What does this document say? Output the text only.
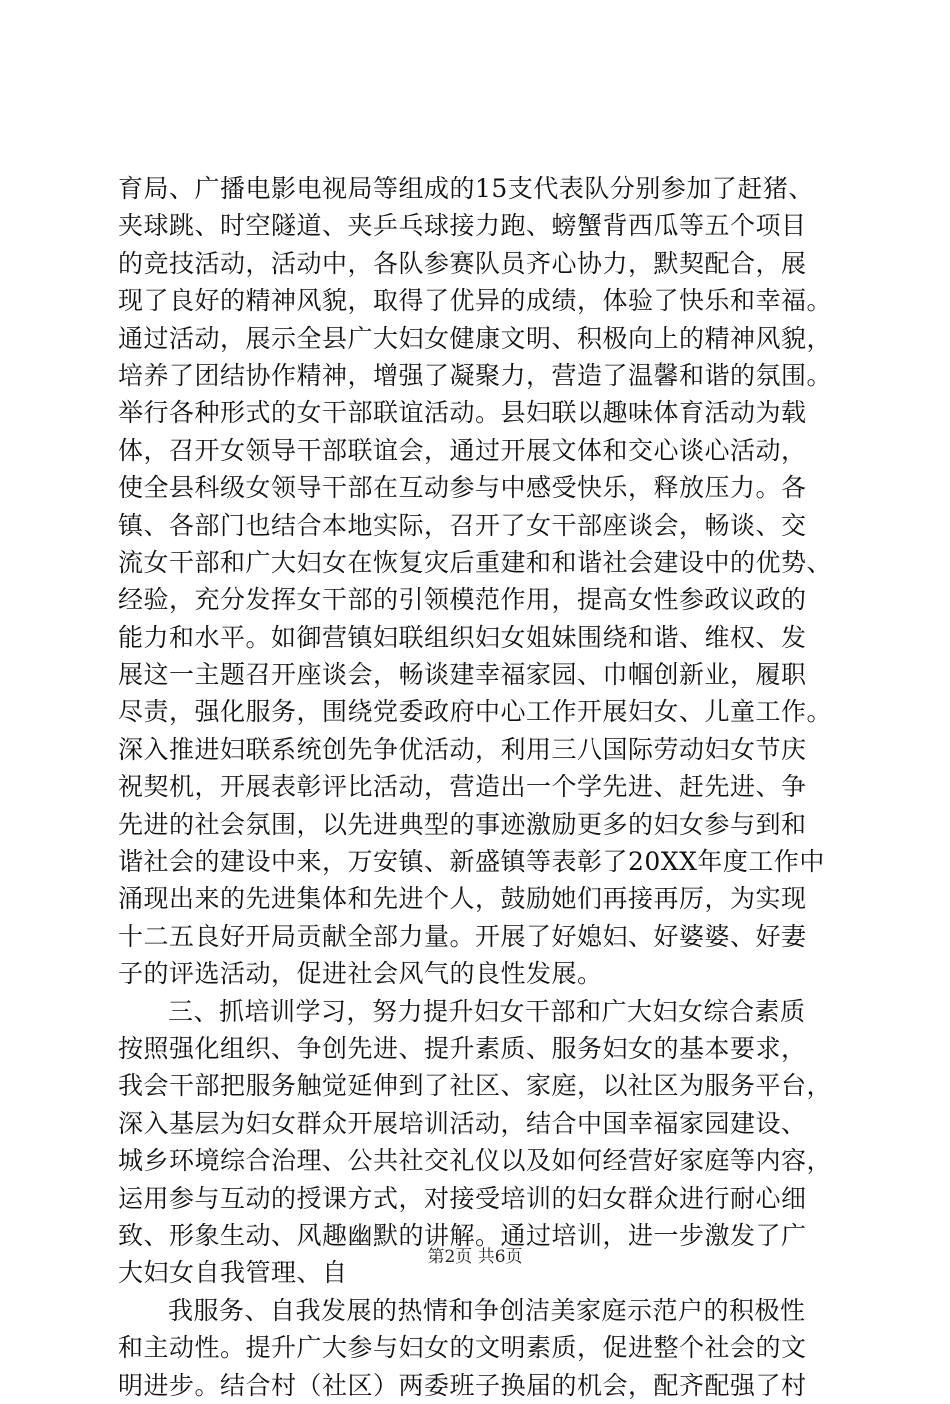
育局、广播电影电视局等组成的15支代表队分别参加了赶猪、
夹球跳、时空隧道、夹乒乓球接力跑、螃蟹背西瓜等五个项目
的竞技活动，活动中，各队参赛队员齐心协力，默契配合，展
现了良好的精神风貌，取得了优异的成绩，体验了快乐和幸福。
通过活动，展示全县广大妇女健康文明、积极向上的精神风貌，
培养了团结协作精神，增强了凝聚力，营造了温馨和谐的氛围。
举行各种形式的女干部联谊活动。县妇联以趣味体育活动为载
体，召开女领导干部联谊会，通过开展文体和交心谈心活动，
使全县科级女领导干部在互动参与中感受快乐，释放压力。各
镇、各部门也结合本地实际，召开了女干部座谈会，畅谈、交
流女干部和广大妇女在恢复灾后重建和和谐社会建设中的优势、
经验，充分发挥女干部的引领模范作用，提高女性参政议政的
能力和水平。如御营镇妇联组织妇女姐妹围绕和谐、维权、发
展这一主题召开座谈会，畅谈建幸福家园、巾帼创新业，履职
尽责，强化服务，围绕党委政府中心工作开展妇女、儿童工作。
深入推进妇联系统创先争优活动，利用三八国际劳动妇女节庆
祝契机，开展表彰评比活动，营造出一个学先进、赶先进、争
先进的社会氛围，以先进典型的事迹激励更多的妇女参与到和
谐社会的建设中来，万安镇、新盛镇等表彰了20XX年度工作中
涌现出来的先进集体和先进个人，鼓励她们再接再厉，为实现
十二五良好开局贡献全部力量。开展了好媳妇、好婆婆、好妻
子的评选活动，促进社会风气的良性发展。
三、抓培训学习，努力提升妇女干部和广大妇女综合素质
按照强化组织、争创先进、提升素质、服务妇女的基本要求，
我会干部把服务触觉延伸到了社区、家庭，以社区为服务平台，
深入基层为妇女群众开展培训活动，结合中国幸福家园建设、
城乡环境综合治理、公共社交礼仪以及如何经营好家庭等内容，
运用参与互动的授课方式，对接受培训的妇女群众进行耐心细
致、形象生动、风趣幽默的讲解。通过培训，进一步激发了广
大妇女自我管理、自
我服务、自我发展的热情和争创洁美家庭示范户的积极性
和主动性。提升广大参与妇女的文明素质，促进整个社会的文
明进步。结合村（社区）两委班子换届的机会，配齐配强了村
第2页 共6页
